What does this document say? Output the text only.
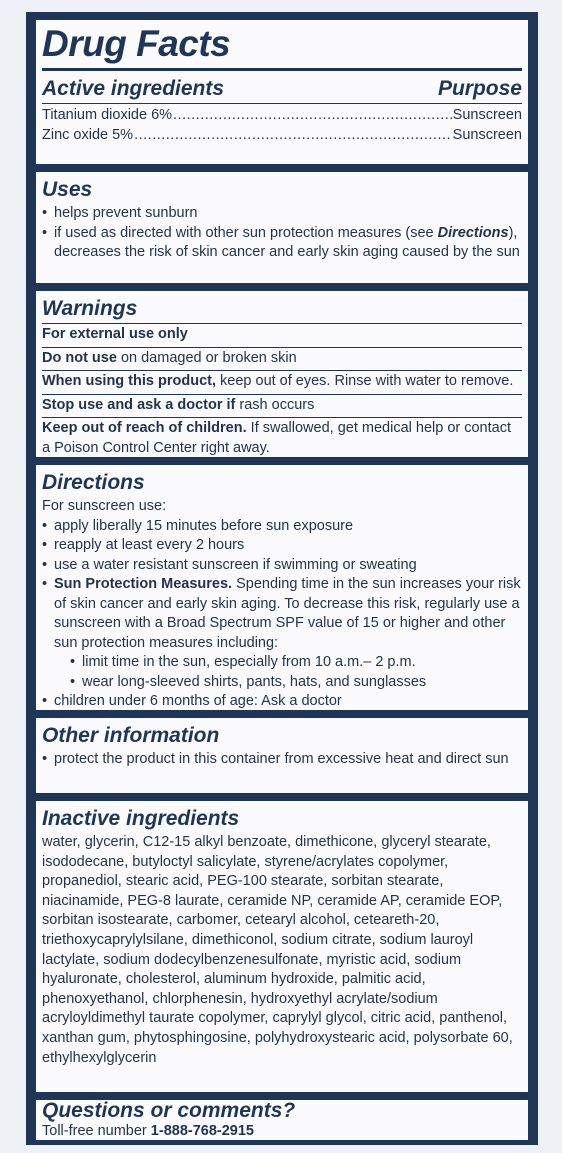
Drug Facts
Active ingredients	Purpose
Titanium dioxide 6% .....	Sunscreen
Zinc oxide 5% .....	Sunscreen
Uses
• helps prevent sunburn
• if used as directed with other sun protection measures (see Directions), decreases the risk of skin cancer and early skin aging caused by the sun
Warnings
For external use only
Do not use on damaged or broken skin
When using this product, keep out of eyes. Rinse with water to remove.
Stop use and ask a doctor if rash occurs
Keep out of reach of children. If swallowed, get medical help or contact a Poison Control Center right away.
Directions
For sunscreen use:
• apply liberally 15 minutes before sun exposure
• reapply at least every 2 hours
• use a water resistant sunscreen if swimming or sweating
• Sun Protection Measures. Spending time in the sun increases your risk of skin cancer and early skin aging. To decrease this risk, regularly use a sunscreen with a Broad Spectrum SPF value of 15 or higher and other sun protection measures including:
• limit time in the sun, especially from 10 a.m.– 2 p.m.
• wear long-sleeved shirts, pants, hats, and sunglasses
• children under 6 months of age: Ask a doctor
Other information
• protect the product in this container from excessive heat and direct sun
Inactive ingredients
water, glycerin, C12-15 alkyl benzoate, dimethicone, glyceryl stearate, isododecane, butyloctyl salicylate, styrene/acrylates copolymer, propanediol, stearic acid, PEG-100 stearate, sorbitan stearate, niacinamide, PEG-8 laurate, ceramide NP, ceramide AP, ceramide EOP, sorbitan isostearate, carbomer, cetearyl alcohol, ceteareth-20, triethoxycaprylylsilane, dimethiconol, sodium citrate, sodium lauroyl lactylate, sodium dodecylbenzenesulfonate, myristic acid, sodium hyaluronate, cholesterol, aluminum hydroxide, palmitic acid, phenoxyethanol, chlorphenesin, hydroxyethyl acrylate/sodium acryloyldimethyl taurate copolymer, caprylyl glycol, citric acid, panthenol, xanthan gum, phytosphingosine, polyhydroxystearic acid, polysorbate 60, ethylhexylglycerin
Questions or comments?
Toll-free number 1-888-768-2915
